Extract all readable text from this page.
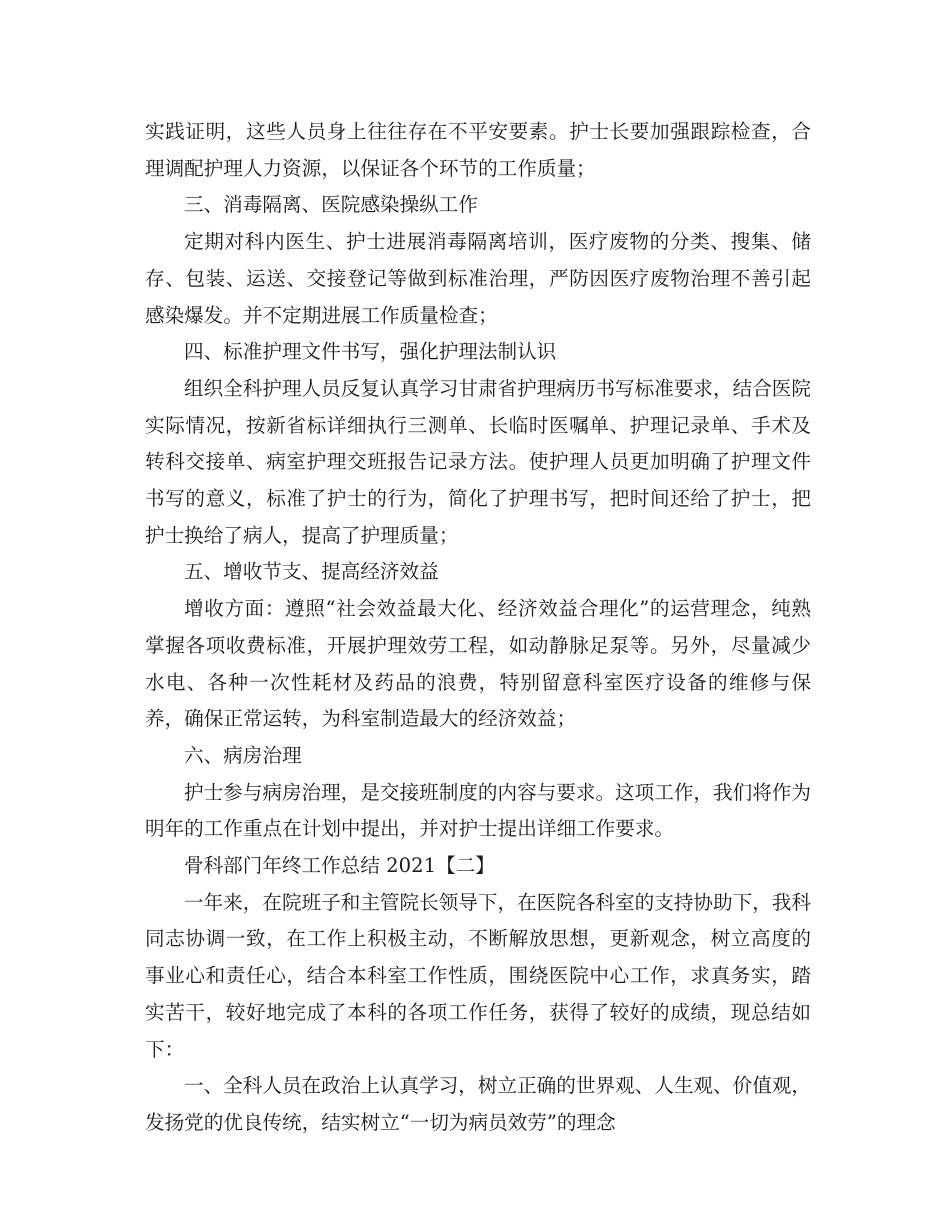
实践证明，这些人员身上往往存在不平安要素。护士长要加强跟踪检查，合理调配护理人力资源，以保证各个环节的工作质量；

三、消毒隔离、医院感染操纵工作

定期对科内医生、护士进展消毒隔离培训，医疗废物的分类、搜集、储存、包装、运送、交接登记等做到标准治理，严防因医疗废物治理不善引起感染爆发。并不定期进展工作质量检查；

四、标准护理文件书写，强化护理法制认识

组织全科护理人员反复认真学习甘肃省护理病历书写标准要求，结合医院实际情况，按新省标详细执行三测单、长临时医嘱单、护理记录单、手术及转科交接单、病室护理交班报告记录方法。使护理人员更加明确了护理文件书写的意义，标准了护士的行为，简化了护理书写，把时间还给了护士，把护士换给了病人，提高了护理质量；

五、增收节支、提高经济效益

增收方面：遵照“社会效益最大化、经济效益合理化”的运营理念，纯熟掌握各项收费标准，开展护理效劳工程，如动静脉足泵等。另外，尽量减少水电、各种一次性耗材及药品的浪费，特别留意科室医疗设备的维修与保养，确保正常运转，为科室制造最大的经济效益；

六、病房治理

护士参与病房治理，是交接班制度的内容与要求。这项工作，我们将作为明年的工作重点在计划中提出，并对护士提出详细工作要求。

骨科部门年终工作总结 2021【二】

一年来，在院班子和主管院长领导下，在医院各科室的支持协助下，我科同志协调一致，在工作上积极主动，不断解放思想，更新观念，树立高度的事业心和责任心，结合本科室工作性质，围绕医院中心工作，求真务实，踏实苦干，较好地完成了本科的各项工作任务，获得了较好的成绩，现总结如下：

一、全科人员在政治上认真学习，树立正确的世界观、人生观、价值观，发扬党的优良传统，结实树立“一切为病员效劳”的理念
